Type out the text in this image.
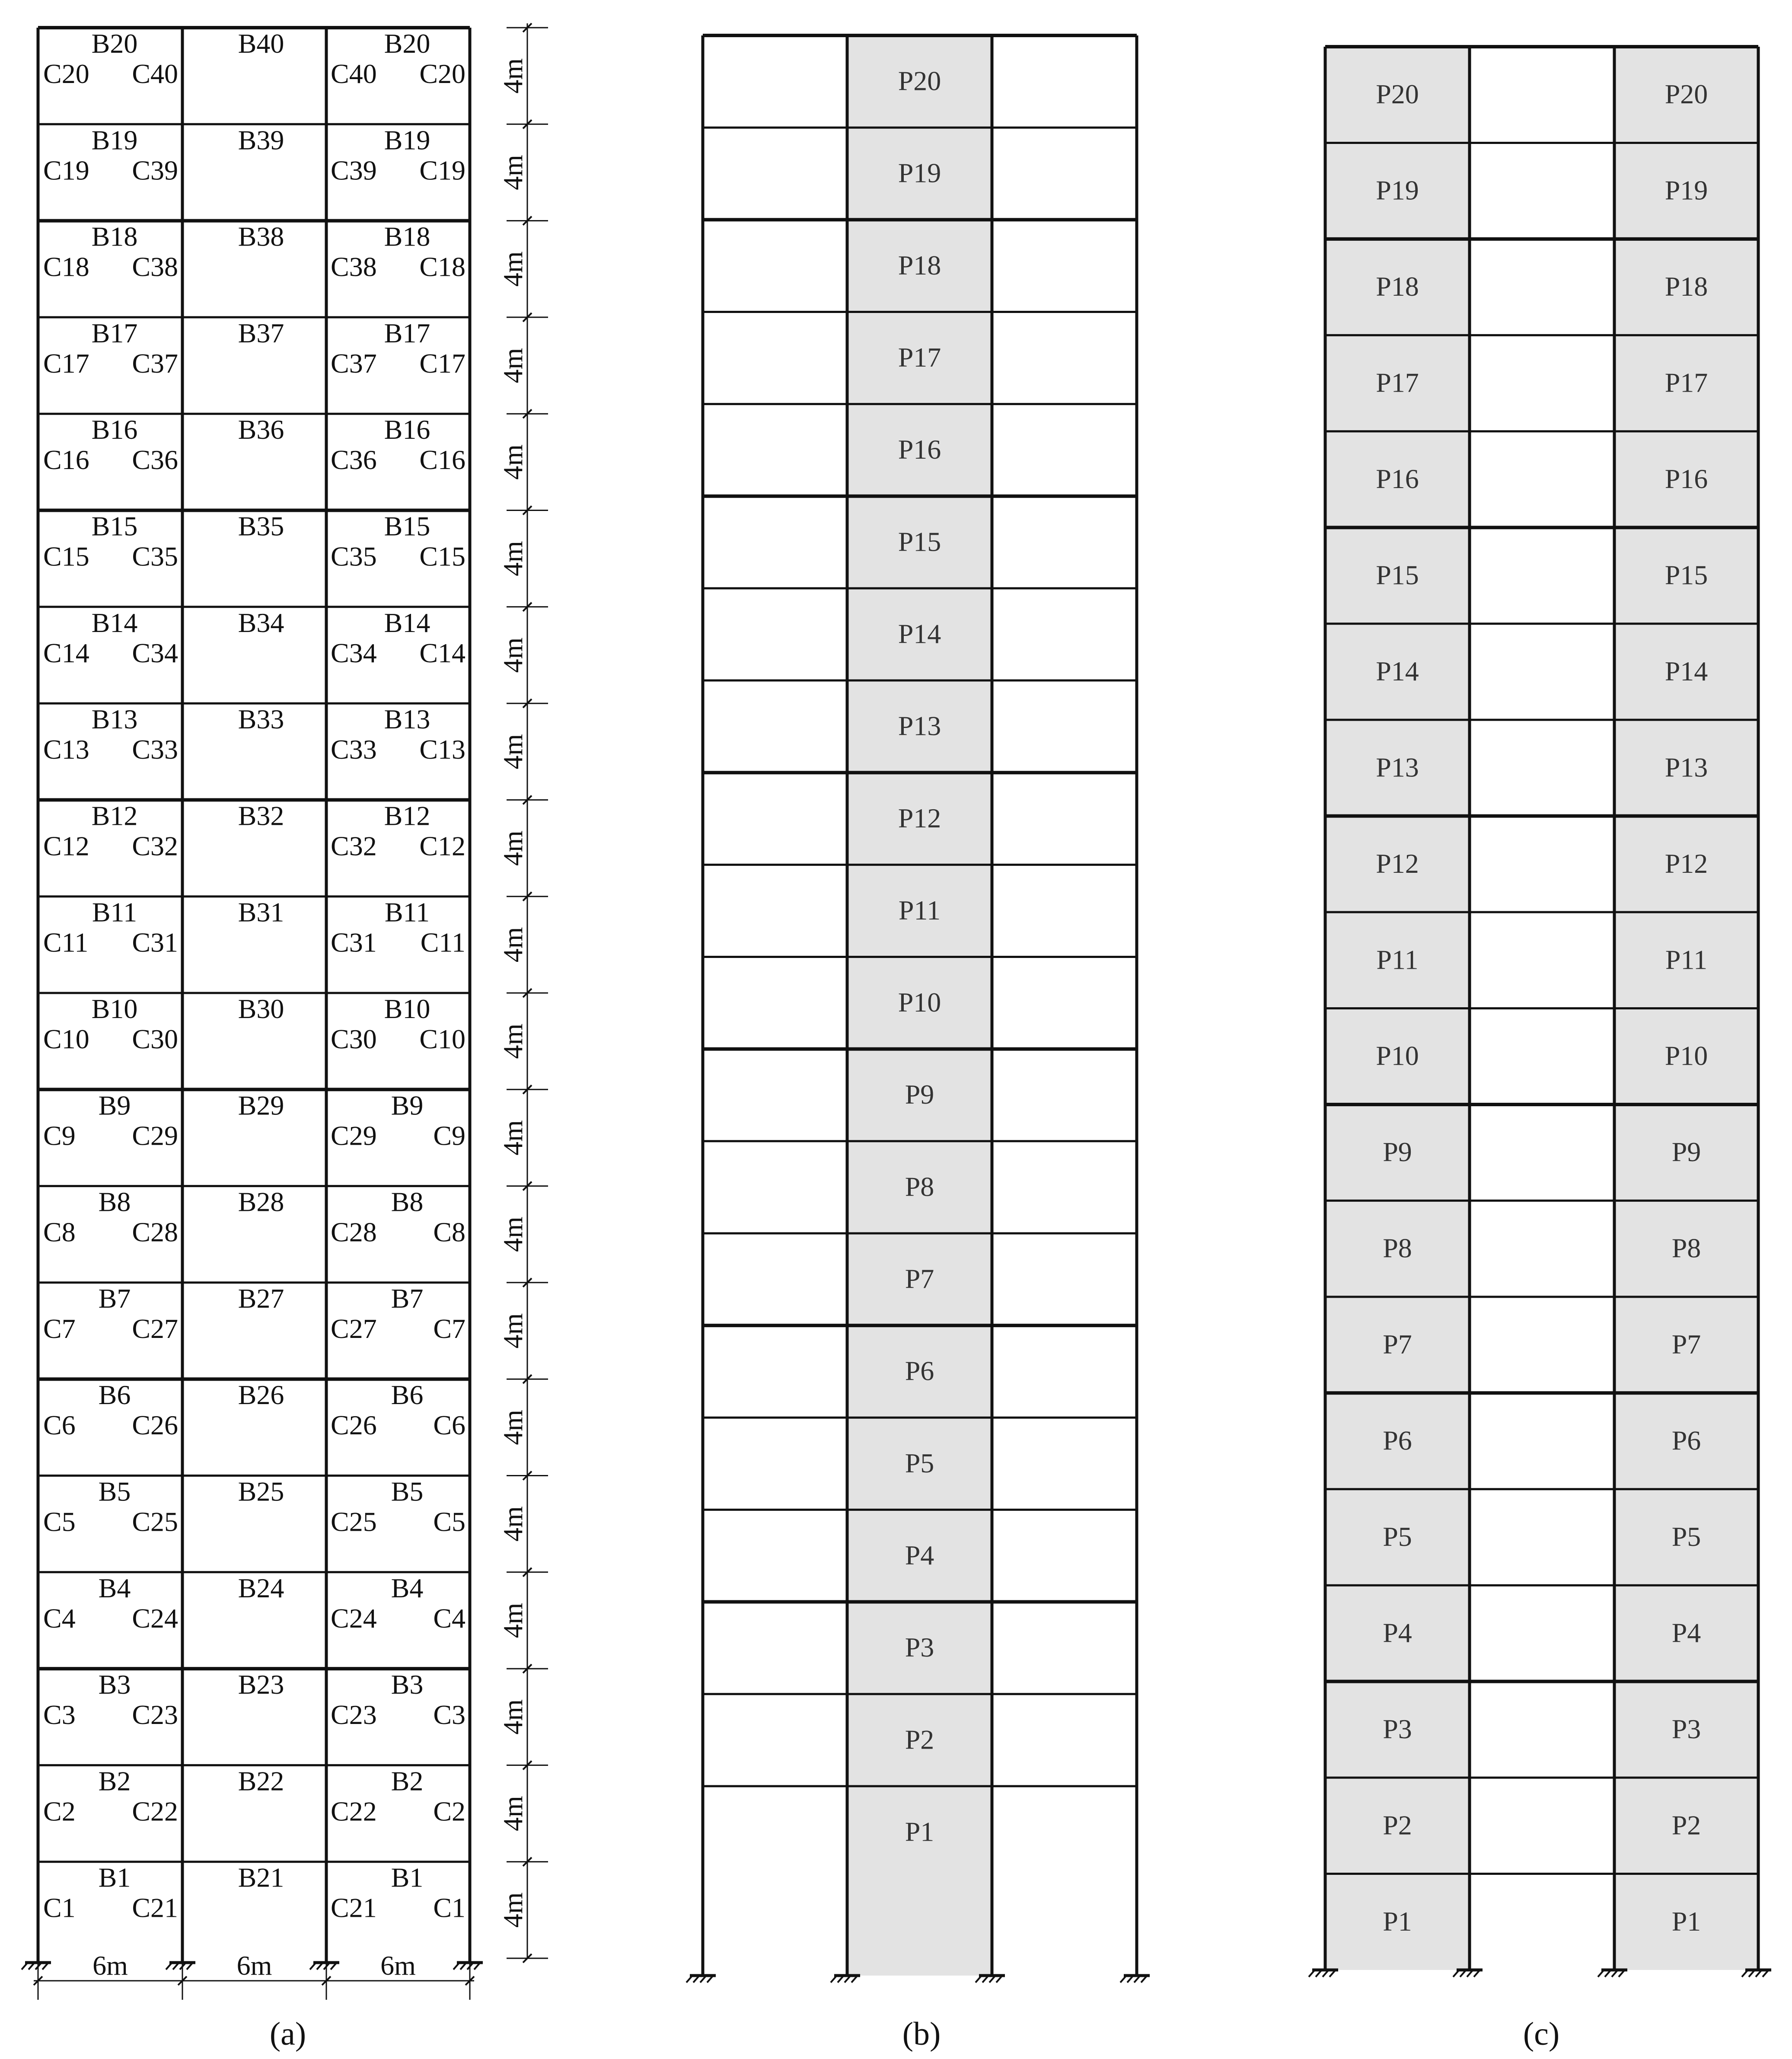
B1	B21	B1
C1 C21	C21 C1
B2	B22	B2
C2 C22	C22 C2
B3	B23	B3
C3 C23	C23 C3
B4	B24	B4
C4 C24	C24 C4
B5	B25	B5
C5 C25	C25 C5
B6	B26	B6
C6 C26	C26 C6
B7	B27	B7
C7 C27	C27 C7
B8	B28	B8
C8 C28	C28 C8
B9	B29	B9
C9 C29	C29 C9
B10	B30	B10
C10 C30	C30 C10
B11	B31	B11
C11 C31	C31 C11
B12	B32	B12
C12 C32	C32 C12
B13	B33	B13
C13 C33	C33 C13
B14	B34	B14
C14 C34	C34 C14
B15	B35	B15
C15 C35	C35 C15
B16	B36	B16
C16 C36	C36 C16
B17	B37	B17
C17 C37	C37 C17
B18	B38	B18
C18 C38	C38 C18
B19	B39	B19
C19 C39	C39 C19
B20	B40	B20
C20 C40	C40 C20
4m
4m
4m
4m
4m
4m
4m
4m
4m
4m
4m
4m
4m
4m
4m
4m
4m
4m
4m
4m
6m	6m	6m
P1
P2
P3
P4
P5
P6
P7
P8
P9
P10
P11
P12
P13
P14
P15
P16
P17
P18
P19
P20
P1
P2
P3
P4
P5
P6
P7
P8
P9
P10
P11
P12
P13
P14
P15
P16
P17
P18
P19
P20
P1
P2
P3
P4
P5
P6
P7
P8
P9
P10
P11
P12
P13
P14
P15
P16
P17
P18
P19
P20
(a)	(b)	(c)
